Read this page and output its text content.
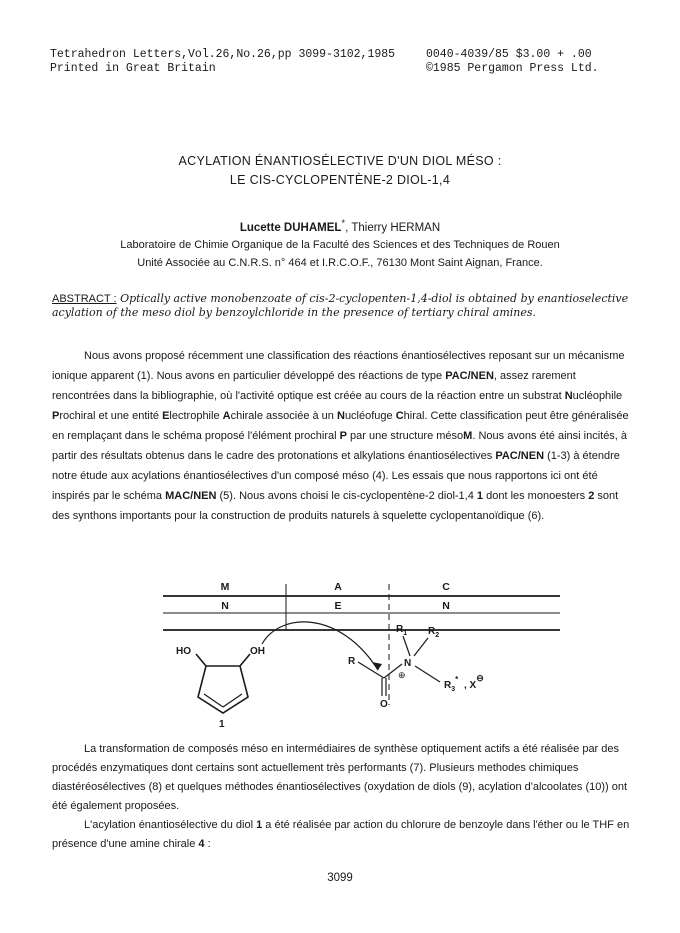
Tetrahedron Letters,Vol.26,No.26,pp 3099-3102,1985
Printed in Great Britain
0040-4039/85 $3.00 + .00
©1985 Pergamon Press Ltd.
ACYLATION ÉNANTIOSÉLECTIVE D'UN DIOL MÉSO :
LE CIS-CYCLOPENTÈNE-2 DIOL-1,4
Lucette DUHAMEL*, Thierry HERMAN
Laboratoire de Chimie Organique de la Faculté des Sciences et des Techniques de Rouen
Unité Associée au C.N.R.S. n° 464 et I.R.C.O.F., 76130 Mont Saint Aignan, France.
ABSTRACT : Optically active monobenzoate of cis-2-cyclopenten-1,4-diol is obtained by enantioselective acylation of the meso diol by benzoylchloride in the presence of tertiary chiral amines.

Nous avons proposé récemment une classification des réactions énantiosélectives reposant sur un mécanisme ionique apparent (1). Nous avons en particulier développé des réactions de type PAC/NEN, assez rarement rencontrées dans la bibliographie, où l'activité optique est créée au cours de la réaction entre un substrat Nucléophile Prochiral et une entité Electrophile Achirale associée à un Nucléofuge Chiral. Cette classification peut être généralisée en remplaçant dans le schéma proposé l'élément prochiral P par une structure mésoM. Nous avons été ainsi incités, à partir des résultats obtenus dans le cadre des protonations et alkylations énantiosélectives PAC/NEN (1-3) à étendre notre étude aux acylations énantiosélectives d'un composé méso (4). Les essais que nous rapportons ici ont été inspirés par le schéma MAC/NEN (5). Nous avons choisi le cis-cyclopentène-2 diol-1,4 1 dont les monoesters 2 sont des synthons importants pour la construction de produits naturels à squelette cyclopentanoïdique (6).

M	A	C
N	E	N
HO	OH
1
R
O
N
⊕
$R_1$ $R_2$
$R_3^*$
, X⊖

La transformation de composés méso en intermédiaires de synthèse optiquement actifs a été réalisée par des procédés enzymatiques dont certains sont actuellement très performants (7). Plusieurs methodes chimiques diastéréosélectives (8) et quelques méthodes énantiosélectives (oxydation de diols (9), acylation d'alcoolates (10)) ont été également proposées.

L'acylation énantiosélective du diol 1 a été réalisée par action du chlorure de benzoyle dans l'éther ou le THF en présence d'une amine chirale 4 :

3099
